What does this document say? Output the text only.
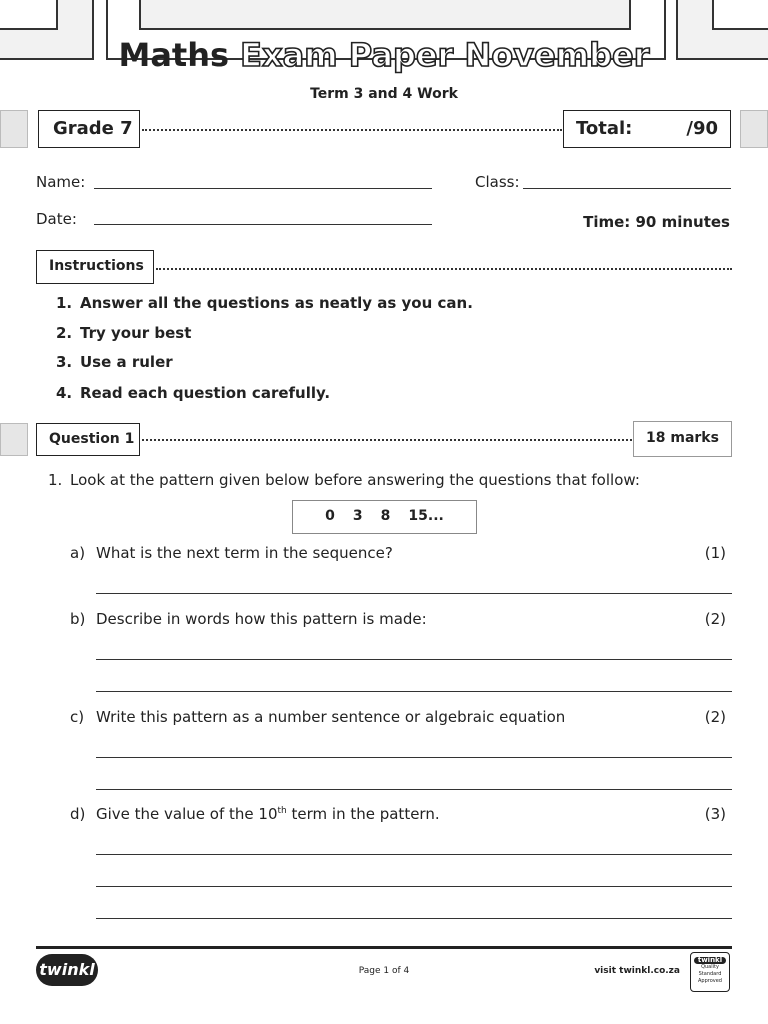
Maths Exam Paper November
Term 3 and 4 Work
Grade 7	Total:	/90
Name:	Class:
Date:	Time: 90 minutes
Instructions
1. Answer all the questions as neatly as you can.
2. Try your best
3. Use a ruler
4. Read each question carefully.
Question 1	18 marks
1. Look at the pattern given below before answering the questions that follow:
0 3 8 15...
a) What is the next term in the sequence?	(1)
b) Describe in words how this pattern is made:	(2)
c) Write this pattern as a number sentence or algebraic equation	(2)
d) Give the value of the 10th term in the pattern.	(3)
twinkl	Page 1 of 4	visit twinkl.co.za
twinkl
Quality Standard Approved
